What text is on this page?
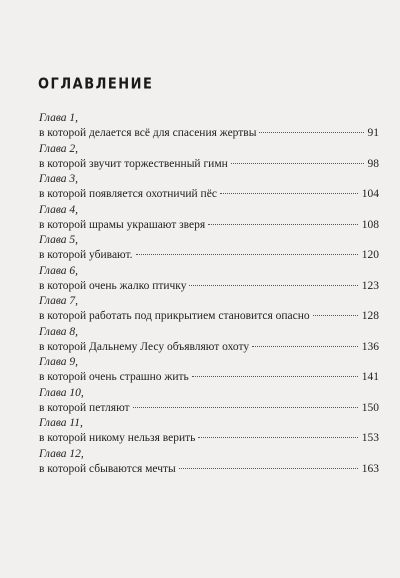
ОГЛАВЛЕНИЕ
Глава 1,
в которой делается всё для спасения жертвы	91
Глава 2,
в которой звучит торжественный гимн	98
Глава 3,
в которой появляется охотничий пёс	104
Глава 4,
в которой шрамы украшают зверя	108
Глава 5,
в которой убивают.	120
Глава 6,
в которой очень жалко птичку	123
Глава 7,
в которой работать под прикрытием становится опасно	128
Глава 8,
в которой Дальнему Лесу объявляют охоту	136
Глава 9,
в которой очень страшно жить	141
Глава 10,
в которой петляют	150
Глава 11,
в которой никому нельзя верить	153
Глава 12,
в которой сбываются мечты	163
